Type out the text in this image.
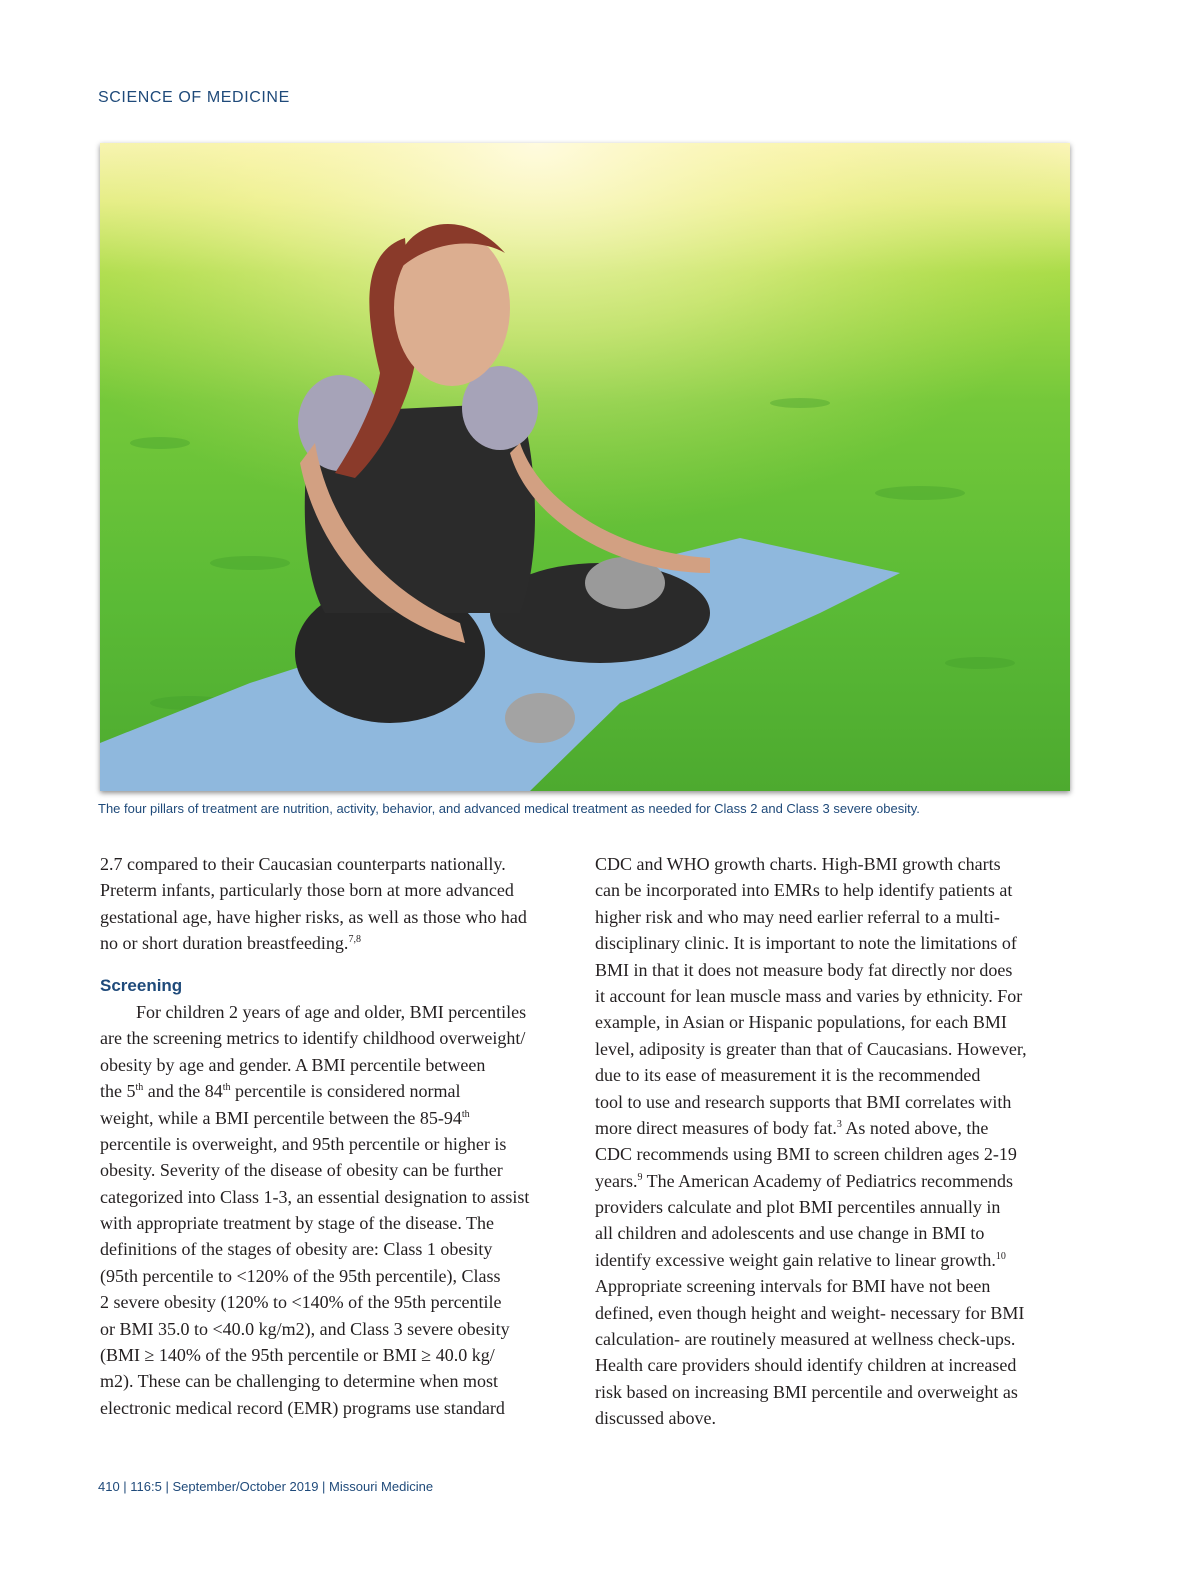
SCIENCE OF MEDICINE
The four pillars of treatment are nutrition, activity, behavior, and advanced medical treatment as needed for Class 2 and Class 3 severe obesity.
2.7 compared to their Caucasian counterparts nationally.
Preterm infants, particularly those born at more advanced
gestational age, have higher risks, as well as those who had
no or short duration breastfeeding.$^{7,8}$
Screening
For children 2 years of age and older, BMI percentiles
are the screening metrics to identify childhood overweight/
obesity by age and gender. A BMI percentile between
the 5th and the 84th percentile is considered normal
weight, while a BMI percentile between the 85-94th
percentile is overweight, and 95th percentile or higher is
obesity. Severity of the disease of obesity can be further
categorized into Class 1-3, an essential designation to assist
with appropriate treatment by stage of the disease. The
definitions of the stages of obesity are: Class 1 obesity
(95th percentile to <120% of the 95th percentile), Class
2 severe obesity (120% to <140% of the 95th percentile
or BMI 35.0 to <40.0 kg/m2), and Class 3 severe obesity
(BMI ≥ 140% of the 95th percentile or BMI ≥ 40.0 kg/
m2). These can be challenging to determine when most
electronic medical record (EMR) programs use standard
CDC and WHO growth charts. High-BMI growth charts
can be incorporated into EMRs to help identify patients at
higher risk and who may need earlier referral to a multi-
disciplinary clinic. It is important to note the limitations of
BMI in that it does not measure body fat directly nor does
it account for lean muscle mass and varies by ethnicity. For
example, in Asian or Hispanic populations, for each BMI
level, adiposity is greater than that of Caucasians. However,
due to its ease of measurement it is the recommended
tool to use and research supports that BMI correlates with
more direct measures of body fat.$^3$ As noted above, the
CDC recommends using BMI to screen children ages 2-19
years.$^9$ The American Academy of Pediatrics recommends
providers calculate and plot BMI percentiles annually in
all children and adolescents and use change in BMI to
identify excessive weight gain relative to linear growth.$^{10}$
Appropriate screening intervals for BMI have not been
defined, even though height and weight- necessary for BMI
calculation- are routinely measured at wellness check-ups.
Health care providers should identify children at increased
risk based on increasing BMI percentile and overweight as
discussed above.
410 | 116:5 | September/October 2019 | Missouri Medicine
